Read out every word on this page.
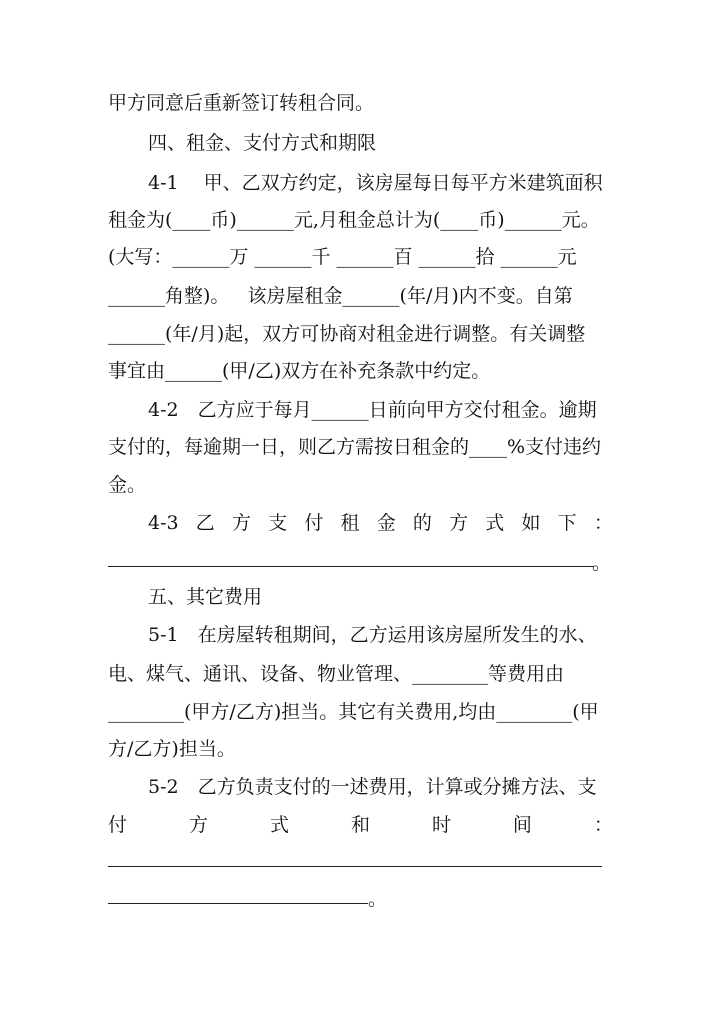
甲方同意后重新签订转租合同。
四、租金、支付方式和期限
4-1　 甲、乙双方约定，该房屋每日每平方米建筑面积
租金为(____币)______元,月租金总计为(____币)______元。
(大写：______万 ______千 ______百 ______拾 ______元
______角整)。   该房屋租金______(年/月)内不变。自第
______(年/月)起，双方可协商对租金进行调整。有关调整
事宜由______(甲/乙)双方在补充条款中约定。
4-2　乙方应于每月______日前向甲方交付租金。逾期
支付的，每逾期一日，则乙方需按日租金的____%支付违约
金。
4-3 乙 方 支 付 租 金 的 方 式 如 下 ：
。
五、其它费用
5-1　在房屋转租期间，乙方运用该房屋所发生的水、
电、煤气、通讯、设备、物业管理、________等费用由
________(甲方/乙方)担当。其它有关费用,均由________(甲
方/乙方)担当。
5-2　乙方负责支付的一述费用，计算或分摊方法、支
付	方	式	和	时	间	：
。
